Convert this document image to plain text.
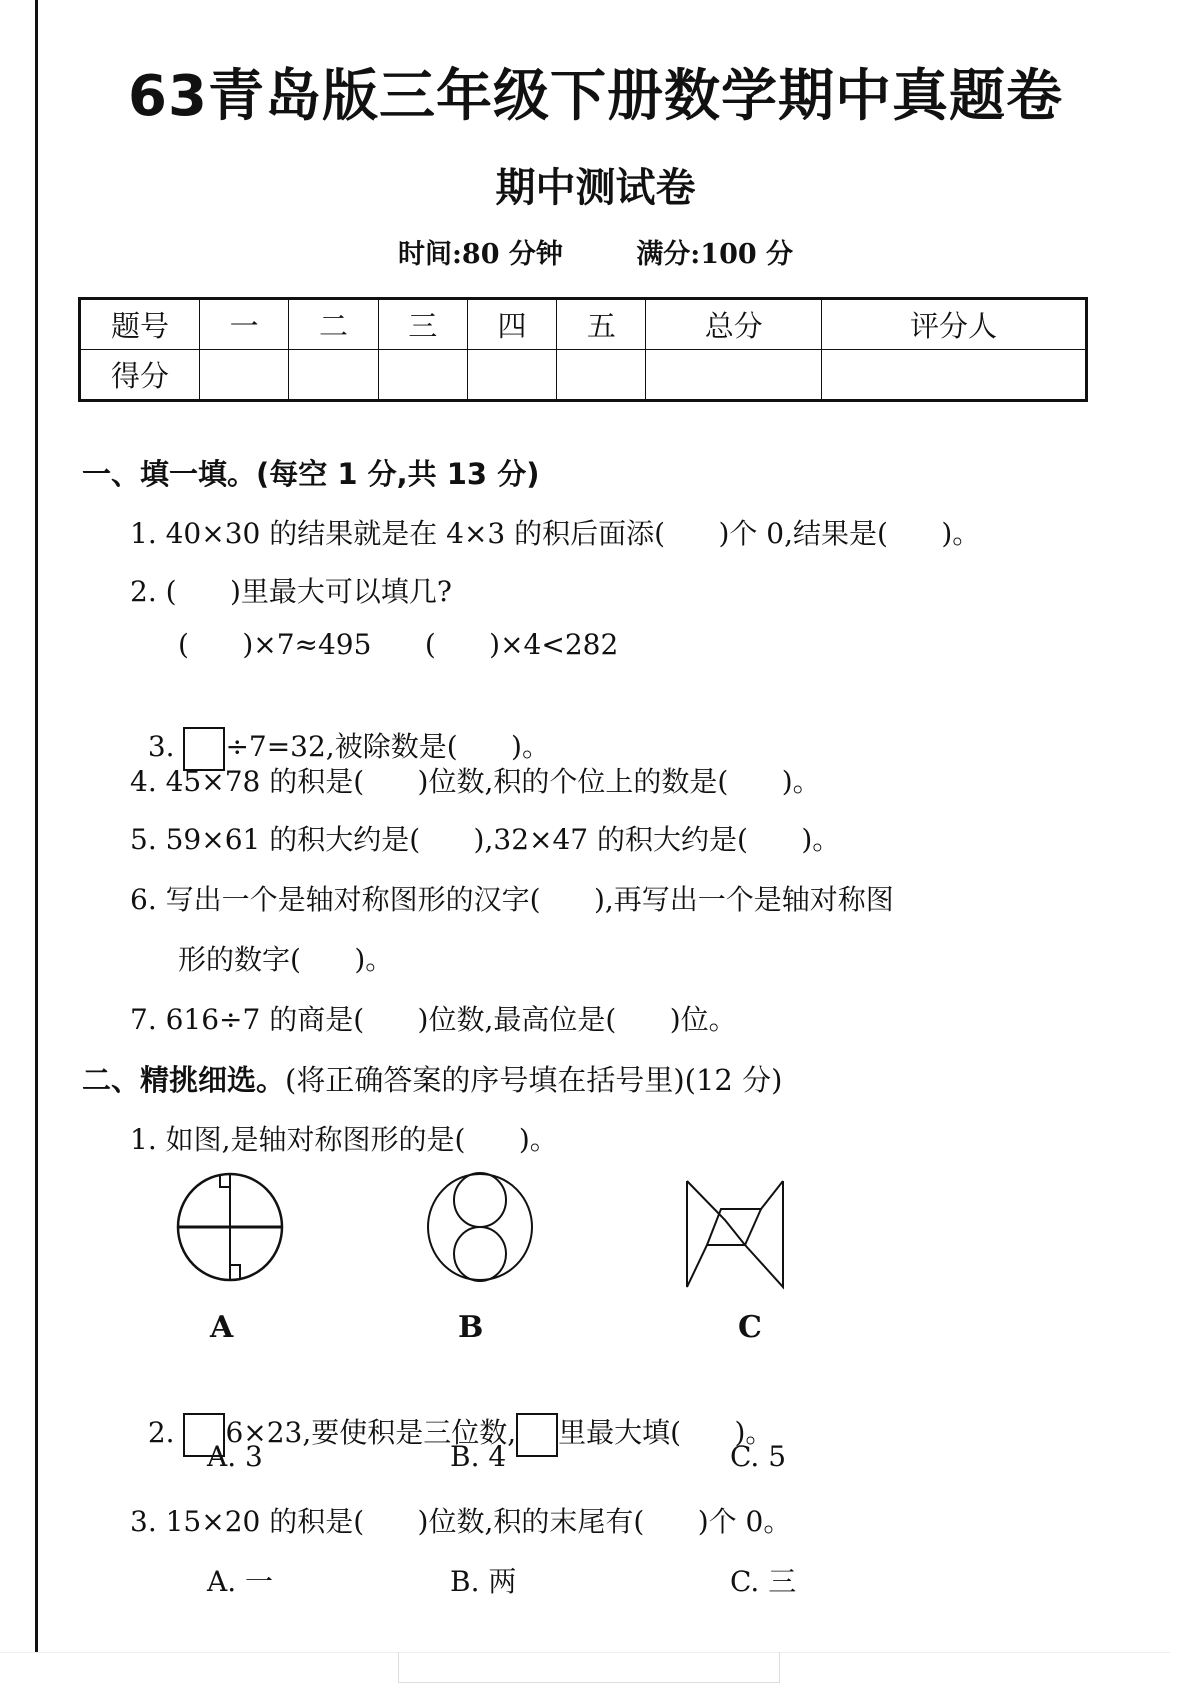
63青岛版三年级下册数学期中真题卷
期中测试卷
时间:80 分钟	满分:100 分
题号	一	二	三	四	五	总分	评分人
得分							
一、填一填。(每空 1 分,共 13 分)
1. 40×30 的结果就是在 4×3 的积后面添(      )个 0,结果是(      )。
2. (      )里最大可以填几?
(      )×7≈495      (      )×4<282

3. ÷7=32,被除数是(      )。

4. 45×78 的积是(      )位数,积的个位上的数是(      )。
5. 59×61 的积大约是(      ),32×47 的积大约是(      )。
6. 写出一个是轴对称图形的汉字(      ),再写出一个是轴对称图
形的数字(      )。
7. 616÷7 的商是(      )位数,最高位是(      )位。
二、精挑细选。(将正确答案的序号填在括号里)(12 分)
1. 如图,是轴对称图形的是(      )。
A	B	C

2. 6×23,要使积是三位数, 里最大填(      )。

A. 3	B. 4	C. 5
3. 15×20 的积是(      )位数,积的末尾有(      )个 0。
A. 一	B. 两	C. 三
